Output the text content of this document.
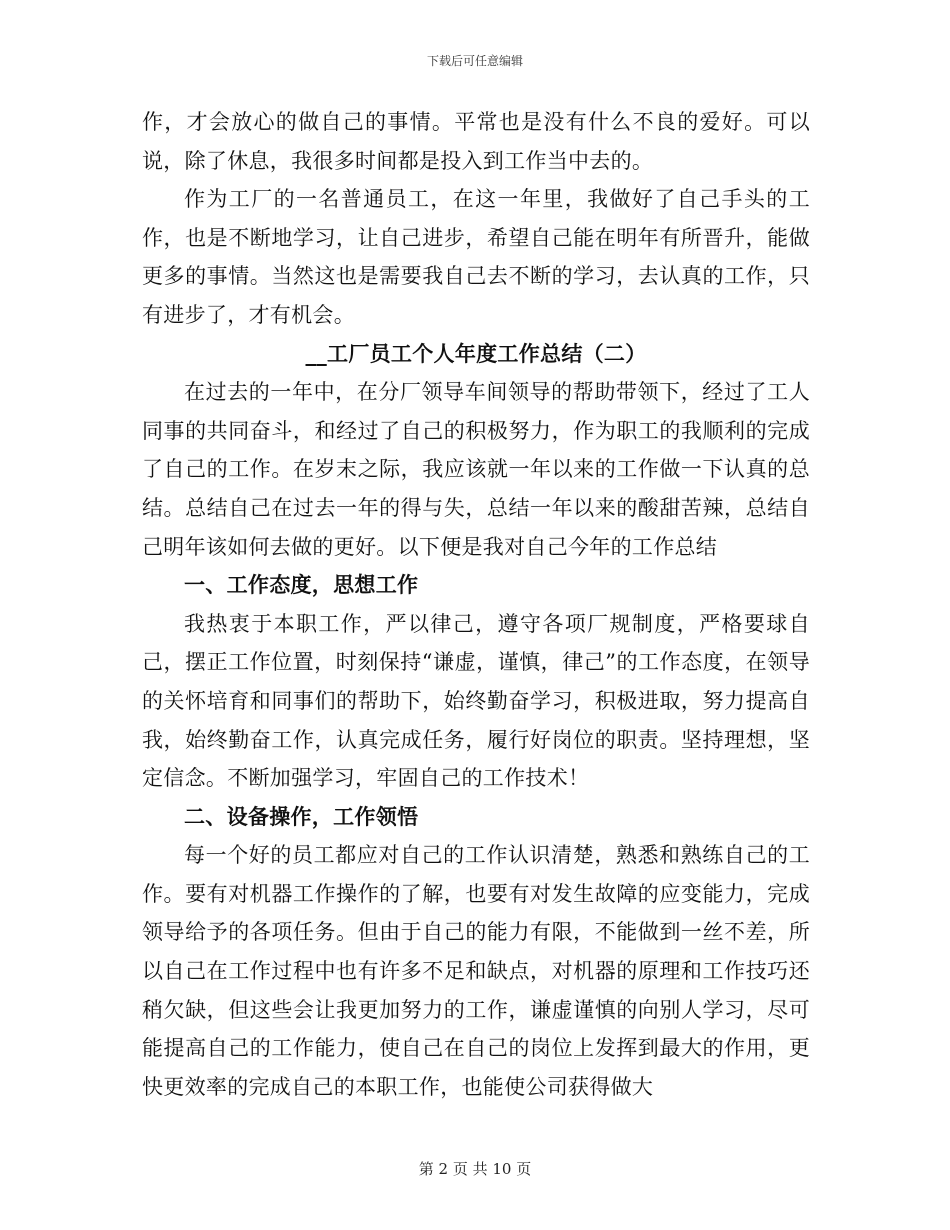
下载后可任意编辑

作，才会放心的做自己的事情。平常也是没有什么不良的爱好。可以说，除了休息，我很多时间都是投入到工作当中去的。

作为工厂的一名普通员工，在这一年里，我做好了自己手头的工作，也是不断地学习，让自己进步，希望自己能在明年有所晋升，能做更多的事情。当然这也是需要我自己去不断的学习，去认真的工作，只有进步了，才有机会。

__工厂员工个人年度工作总结（二）

在过去的一年中，在分厂领导车间领导的帮助带领下，经过了工人同事的共同奋斗，和经过了自己的积极努力，作为职工的我顺利的完成了自己的工作。在岁末之际，我应该就一年以来的工作做一下认真的总结。总结自己在过去一年的得与失，总结一年以来的酸甜苦辣，总结自己明年该如何去做的更好。以下便是我对自己今年的工作总结

一、工作态度，思想工作

我热衷于本职工作，严以律己，遵守各项厂规制度，严格要球自己，摆正工作位置，时刻保持“谦虚，谨慎，律己”的工作态度，在领导的关怀培育和同事们的帮助下，始终勤奋学习，积极进取，努力提高自我，始终勤奋工作，认真完成任务，履行好岗位的职责。坚持理想，坚定信念。不断加强学习，牢固自己的工作技术！

二、设备操作，工作领悟

每一个好的员工都应对自己的工作认识清楚，熟悉和熟练自己的工作。要有对机器工作操作的了解，也要有对发生故障的应变能力，完成领导给予的各项任务。但由于自己的能力有限，不能做到一丝不差，所以自己在工作过程中也有许多不足和缺点，对机器的原理和工作技巧还稍欠缺，但这些会让我更加努力的工作，谦虚谨慎的向别人学习，尽可能提高自己的工作能力，使自己在自己的岗位上发挥到最大的作用，更快更效率的完成自己的本职工作，也能使公司获得做大

第 2 页 共 10 页
